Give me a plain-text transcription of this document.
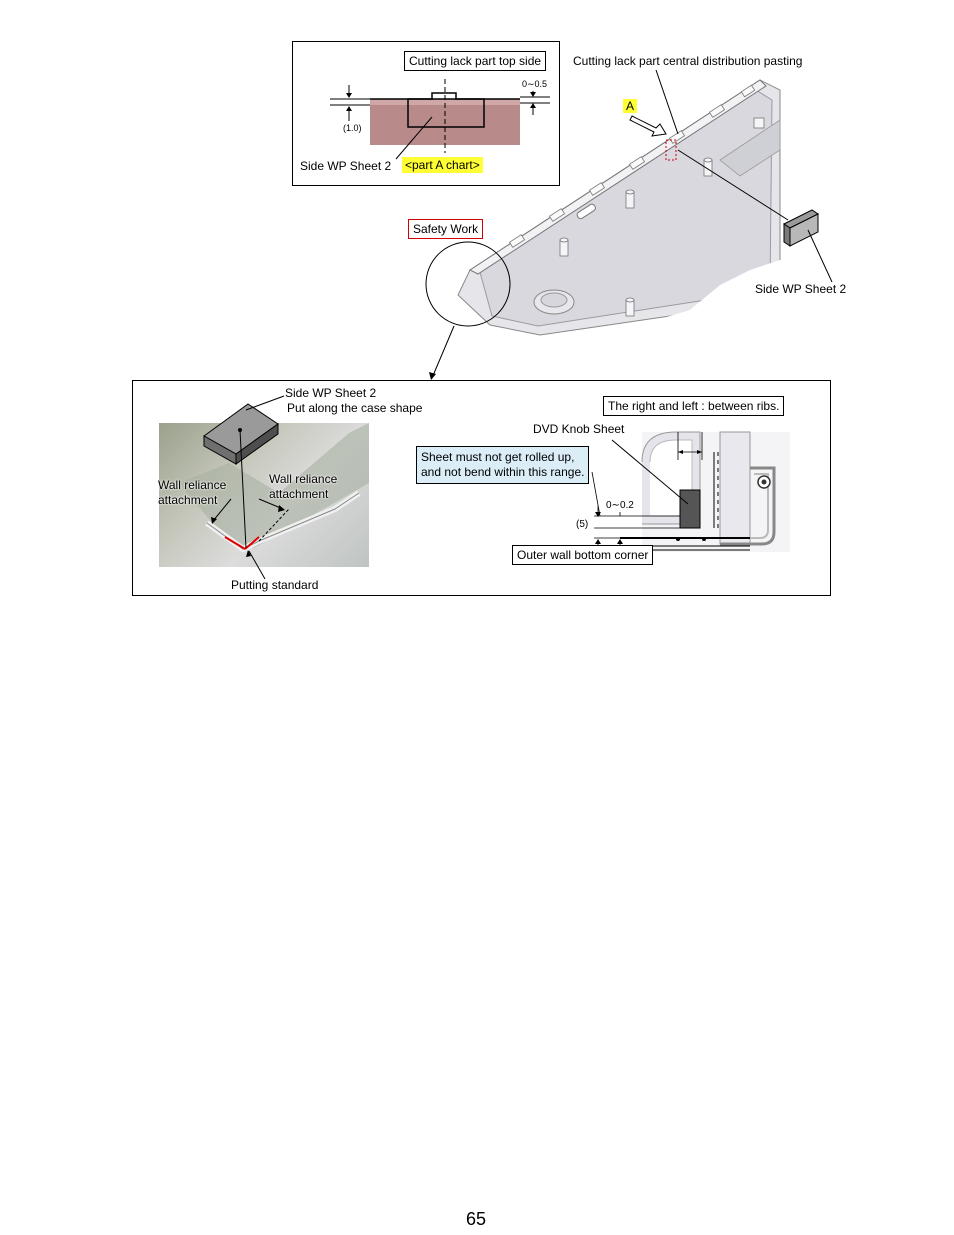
Cutting lack part top side
0∼0.5
(1.0)
Side WP Sheet 2 <part A chart>
Cutting lack part central distribution pasting
A
Safety Work
Side WP Sheet 2
Side WP Sheet 2
Put along the case shape
Wall reliance
attachment
Wall reliance
attachment
Putting standard
The right and left : between ribs.
DVD Knob Sheet
Sheet must not get rolled up,
and not bend within this range.
0∼0.2
(5)
Outer wall bottom corner
65
